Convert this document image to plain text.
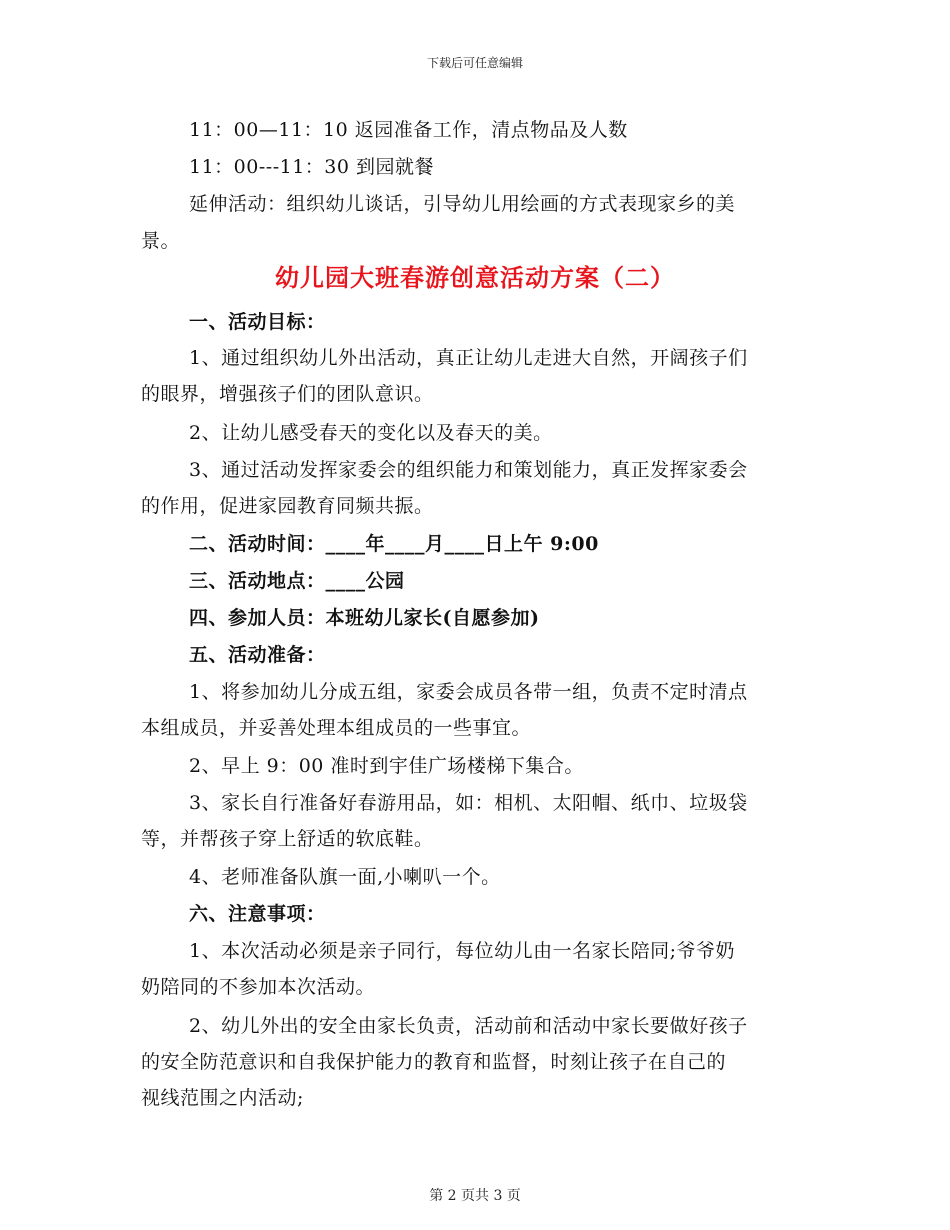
下载后可任意编辑
11：00—11：10 返园准备工作，清点物品及人数
11：00---11：30 到园就餐
延伸活动：组织幼儿谈话，引导幼儿用绘画的方式表现家乡的美
景。
幼儿园大班春游创意活动方案（二）
一、活动目标：
1、通过组织幼儿外出活动，真正让幼儿走进大自然，开阔孩子们
的眼界，增强孩子们的团队意识。
2、让幼儿感受春天的变化以及春天的美。
3、通过活动发挥家委会的组织能力和策划能力，真正发挥家委会
的作用，促进家园教育同频共振。
二、活动时间：____年____月____日上午 9:00
三、活动地点：____公园
四、参加人员：本班幼儿家长(自愿参加)
五、活动准备：
1、将参加幼儿分成五组，家委会成员各带一组，负责不定时清点
本组成员，并妥善处理本组成员的一些事宜。
2、早上 9：00 准时到宇佳广场楼梯下集合。
3、家长自行准备好春游用品，如：相机、太阳帽、纸巾、垃圾袋
等，并帮孩子穿上舒适的软底鞋。
4、老师准备队旗一面,小喇叭一个。
六、注意事项：
1、本次活动必须是亲子同行，每位幼儿由一名家长陪同;爷爷奶
奶陪同的不参加本次活动。
2、幼儿外出的安全由家长负责，活动前和活动中家长要做好孩子
的安全防范意识和自我保护能力的教育和监督，时刻让孩子在自己的
视线范围之内活动;
第 2 页共 3 页
